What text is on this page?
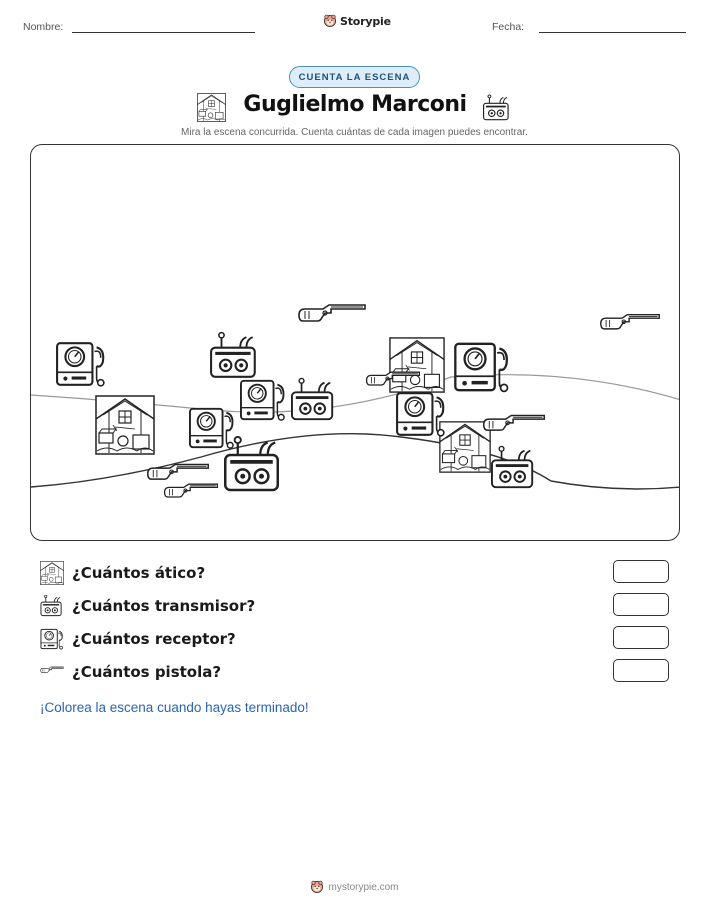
Nombre:	Storypie	Fecha:
CUENTA LA ESCENA
Guglielmo Marconi
Mira la escena concurrida. Cuenta cuántas de cada imagen puedes encontrar.
¿Cuántos ático?
¿Cuántos transmisor?
¿Cuántos receptor?
¿Cuántos pistola?
¡Colorea la escena cuando hayas terminado!
mystorypie.com
